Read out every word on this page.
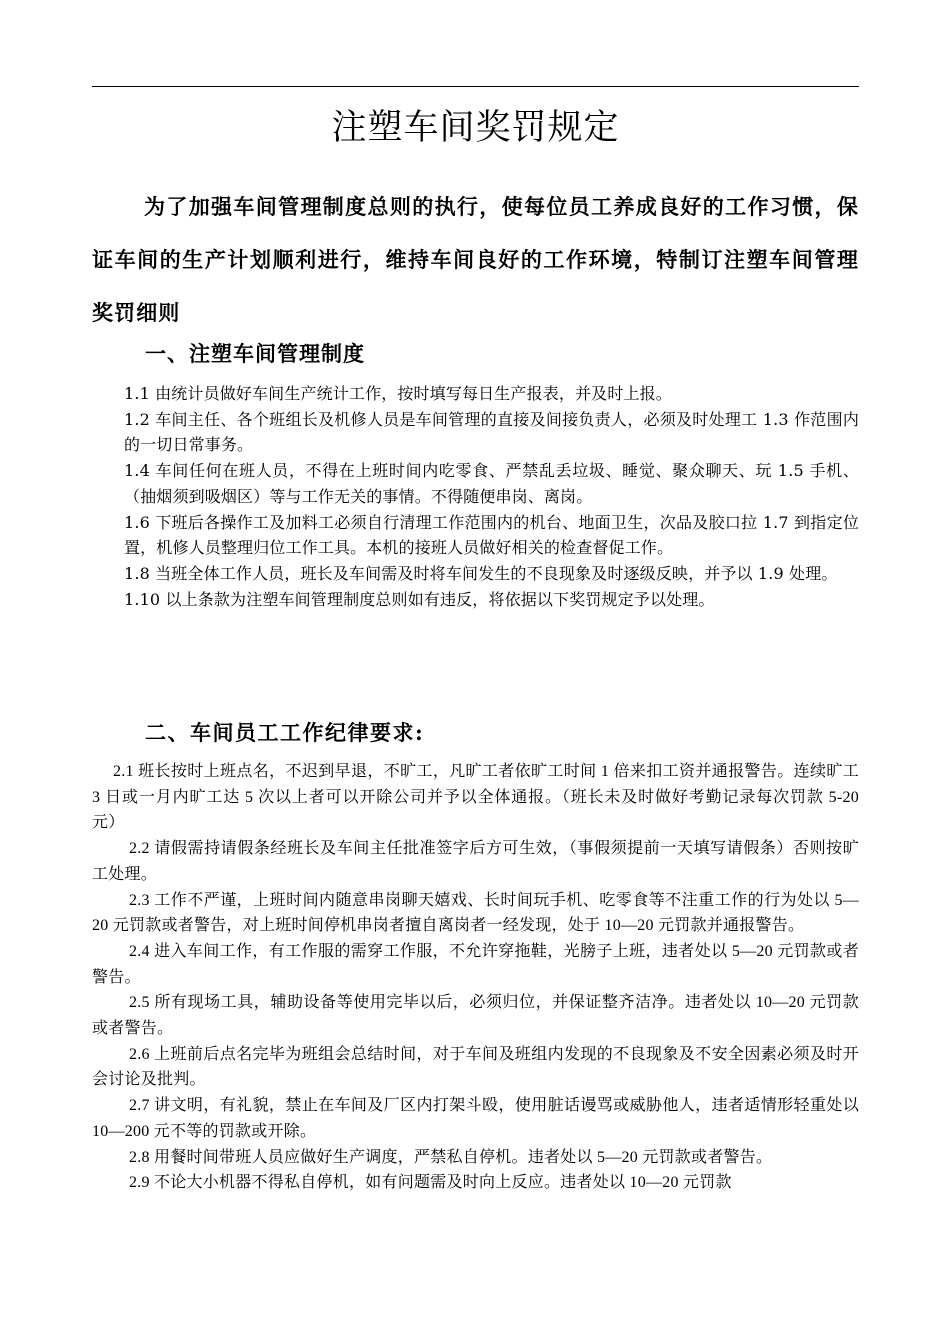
注塑车间奖罚规定

为了加强车间管理制度总则的执行，使每位员工养成良好的工作习惯，保证车间的生产计划顺利进行，维持车间良好的工作环境，特制订注塑车间管理奖罚细则

一、注塑车间管理制度

1.1 由统计员做好车间生产统计工作，按时填写每日生产报表，并及时上报。

1.2 车间主任、各个班组长及机修人员是车间管理的直接及间接负责人，必须及时处理工 1.3 作范围内的一切日常事务。

1.4 车间任何在班人员，不得在上班时间内吃零食、严禁乱丢垃圾、睡觉、聚众聊天、玩 1.5 手机、（抽烟须到吸烟区）等与工作无关的事情。不得随便串岗、离岗。

1.6 下班后各操作工及加料工必须自行清理工作范围内的机台、地面卫生，次品及胶口拉 1.7 到指定位置，机修人员整理归位工作工具。本机的接班人员做好相关的检查督促工作。

1.8 当班全体工作人员，班长及车间需及时将车间发生的不良现象及时逐级反映，并予以 1.9 处理。

1.10 以上条款为注塑车间管理制度总则如有违反，将依据以下奖罚规定予以处理。

二、车间员工工作纪律要求:

2.1 班长按时上班点名，不迟到早退，不旷工，凡旷工者依旷工时间 1 倍来扣工资并通报警告。连续旷工 3 日或一月内旷工达 5 次以上者可以开除公司并予以全体通报。（班长未及时做好考勤记录每次罚款 5-20 元）

2.2 请假需持请假条经班长及车间主任批准签字后方可生效，（事假须提前一天填写请假条）否则按旷工处理。

2.3 工作不严谨，上班时间内随意串岗聊天嬉戏、长时间玩手机、吃零食等不注重工作的行为处以 5—20 元罚款或者警告，对上班时间停机串岗者擅自离岗者一经发现，处于 10—20 元罚款并通报警告。

2.4 进入车间工作，有工作服的需穿工作服，不允许穿拖鞋，光膀子上班，违者处以 5—20 元罚款或者警告。

2.5 所有现场工具，辅助设备等使用完毕以后，必须归位，并保证整齐洁净。违者处以 10—20 元罚款或者警告。

2.6 上班前后点名完毕为班组会总结时间，对于车间及班组内发现的不良现象及不安全因素必须及时开会讨论及批判。

2.7 讲文明，有礼貌，禁止在车间及厂区内打架斗殴，使用脏话谩骂或威胁他人，违者适情形轻重处以 10—200 元不等的罚款或开除。

2.8 用餐时间带班人员应做好生产调度，严禁私自停机。违者处以 5—20 元罚款或者警告。

2.9 不论大小机器不得私自停机，如有问题需及时向上反应。违者处以 10—20 元罚款
